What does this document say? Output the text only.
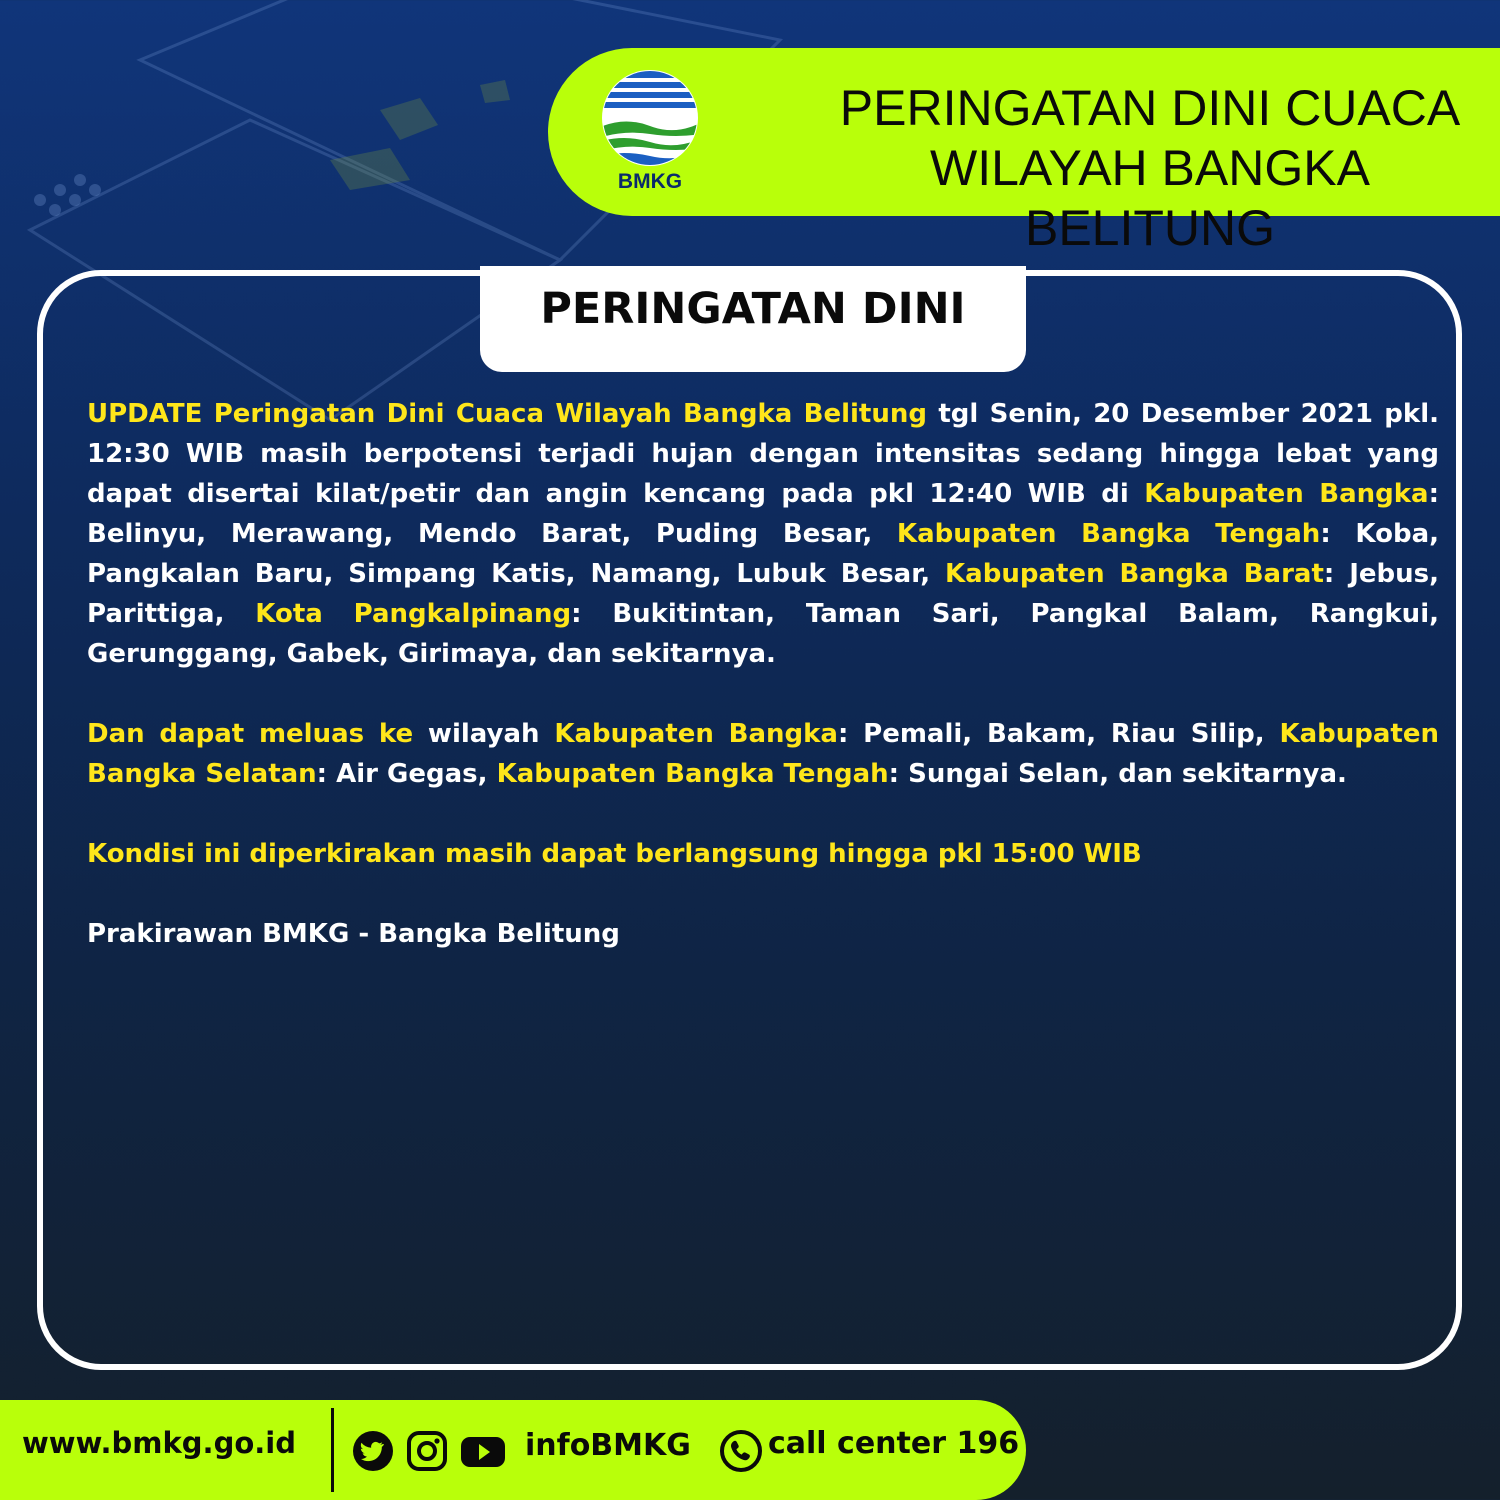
BMKG
PERINGATAN DINI CUACA
WILAYAH BANGKA BELITUNG
PERINGATAN DINI

UPDATE Peringatan Dini Cuaca Wilayah Bangka Belitung tgl Senin, 20 Desember 2021 pkl. 12:30 WIB masih berpotensi terjadi hujan dengan intensitas sedang hingga lebat yang dapat disertai kilat/petir dan angin kencang pada pkl 12:40 WIB di Kabupaten Bangka: Belinyu, Merawang, Mendo Barat, Puding Besar, Kabupaten Bangka Tengah: Koba, Pangkalan Baru, Simpang Katis, Namang, Lubuk Besar, Kabupaten Bangka Barat: Jebus, Parittiga, Kota Pangkalpinang: Bukitintan, Taman Sari, Pangkal Balam, Rangkui, Gerunggang, Gabek, Girimaya, dan sekitarnya.

Dan dapat meluas ke wilayah Kabupaten Bangka: Pemali, Bakam, Riau Silip, Kabupaten Bangka Selatan: Air Gegas, Kabupaten Bangka Tengah: Sungai Selan, dan sekitarnya.

Kondisi ini diperkirakan masih dapat berlangsung hingga pkl 15:00 WIB

Prakirawan BMKG - Bangka Belitung

www.bmkg.go.id	infoBMKG	call center 196
